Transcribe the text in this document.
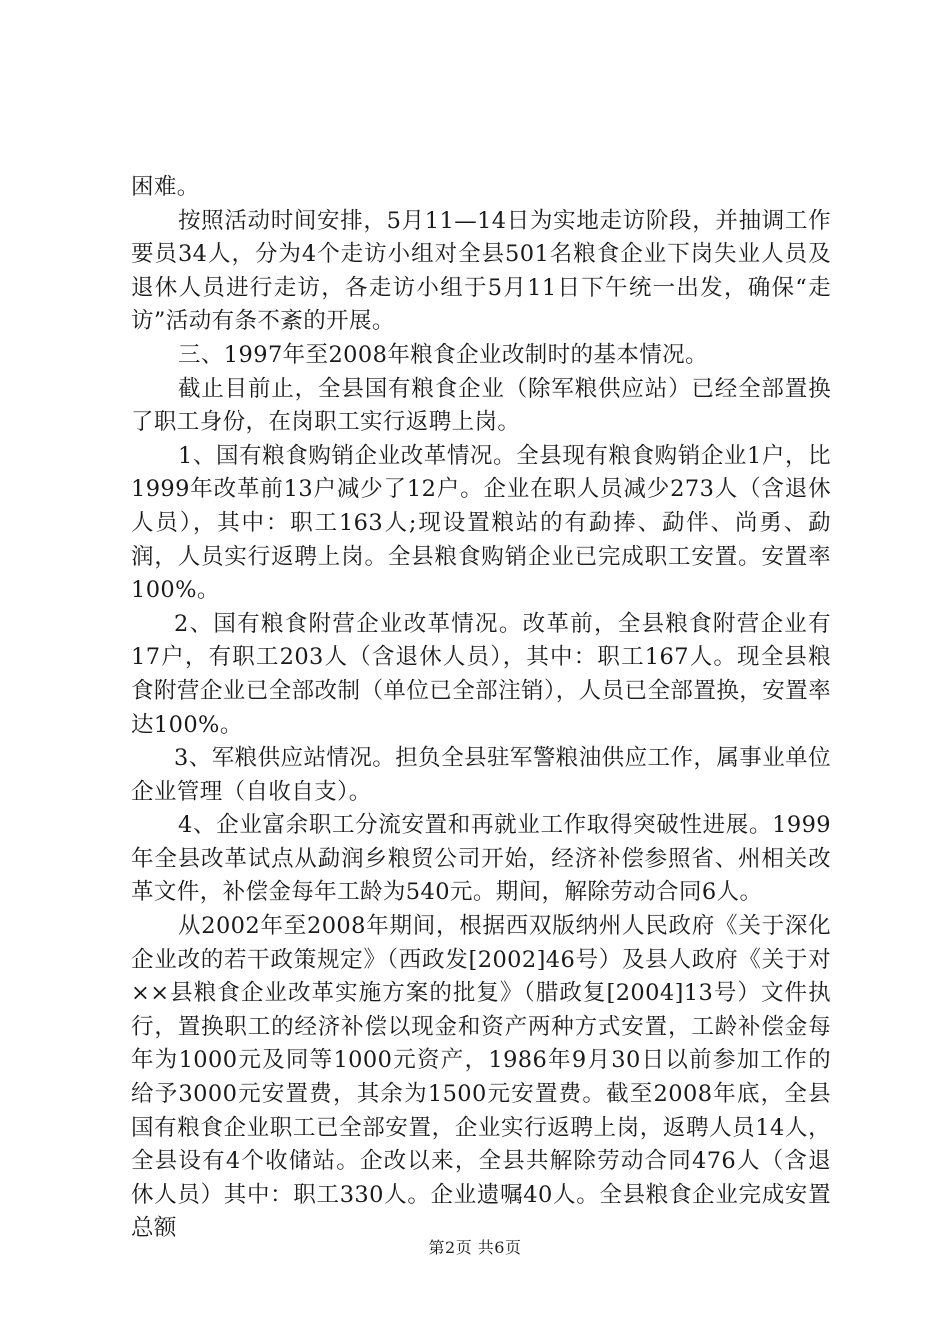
困难。

按照活动时间安排，5月11—14日为实地走访阶段，并抽调工作要员34人，分为4个走访小组对全县501名粮食企业下岗失业人员及退休人员进行走访，各走访小组于5月11日下午统一出发，确保“走访”活动有条不紊的开展。

三、1997年至2008年粮食企业改制时的基本情况。

截止目前止，全县国有粮食企业（除军粮供应站）已经全部置换了职工身份，在岗职工实行返聘上岗。

1、国有粮食购销企业改革情况。全县现有粮食购销企业1户，比1999年改革前13户减少了12户。企业在职人员减少273人（含退休人员），其中：职工163人;现设置粮站的有勐捧、勐伴、尚勇、勐润，人员实行返聘上岗。全县粮食购销企业已完成职工安置。安置率100%。

2、国有粮食附营企业改革情况。改革前，全县粮食附营企业有17户，有职工203人（含退休人员），其中：职工167人。现全县粮食附营企业已全部改制（单位已全部注销），人员已全部置换，安置率达100%。

3、军粮供应站情况。担负全县驻军警粮油供应工作，属事业单位企业管理（自收自支）。

4、企业富余职工分流安置和再就业工作取得突破性进展。1999年全县改革试点从勐润乡粮贸公司开始，经济补偿参照省、州相关改革文件，补偿金每年工龄为540元。期间，解除劳动合同6人。

从2002年至2008年期间，根据西双版纳州人民政府《关于深化企业改的若干政策规定》（西政发[2002]46号）及县人政府《关于对××县粮食企业改革实施方案的批复》（腊政复[2004]13号）文件执行，置换职工的经济补偿以现金和资产两种方式安置，工龄补偿金每年为1000元及同等1000元资产，1986年9月30日以前参加工作的给予3000元安置费，其余为1500元安置费。截至2008年底，全县国有粮食企业职工已全部安置，企业实行返聘上岗，返聘人员14人，全县设有4个收储站。企改以来，全县共解除劳动合同476人（含退休人员）其中：职工330人。企业遗嘱40人。全县粮食企业完成安置总额

第2页 共6页
